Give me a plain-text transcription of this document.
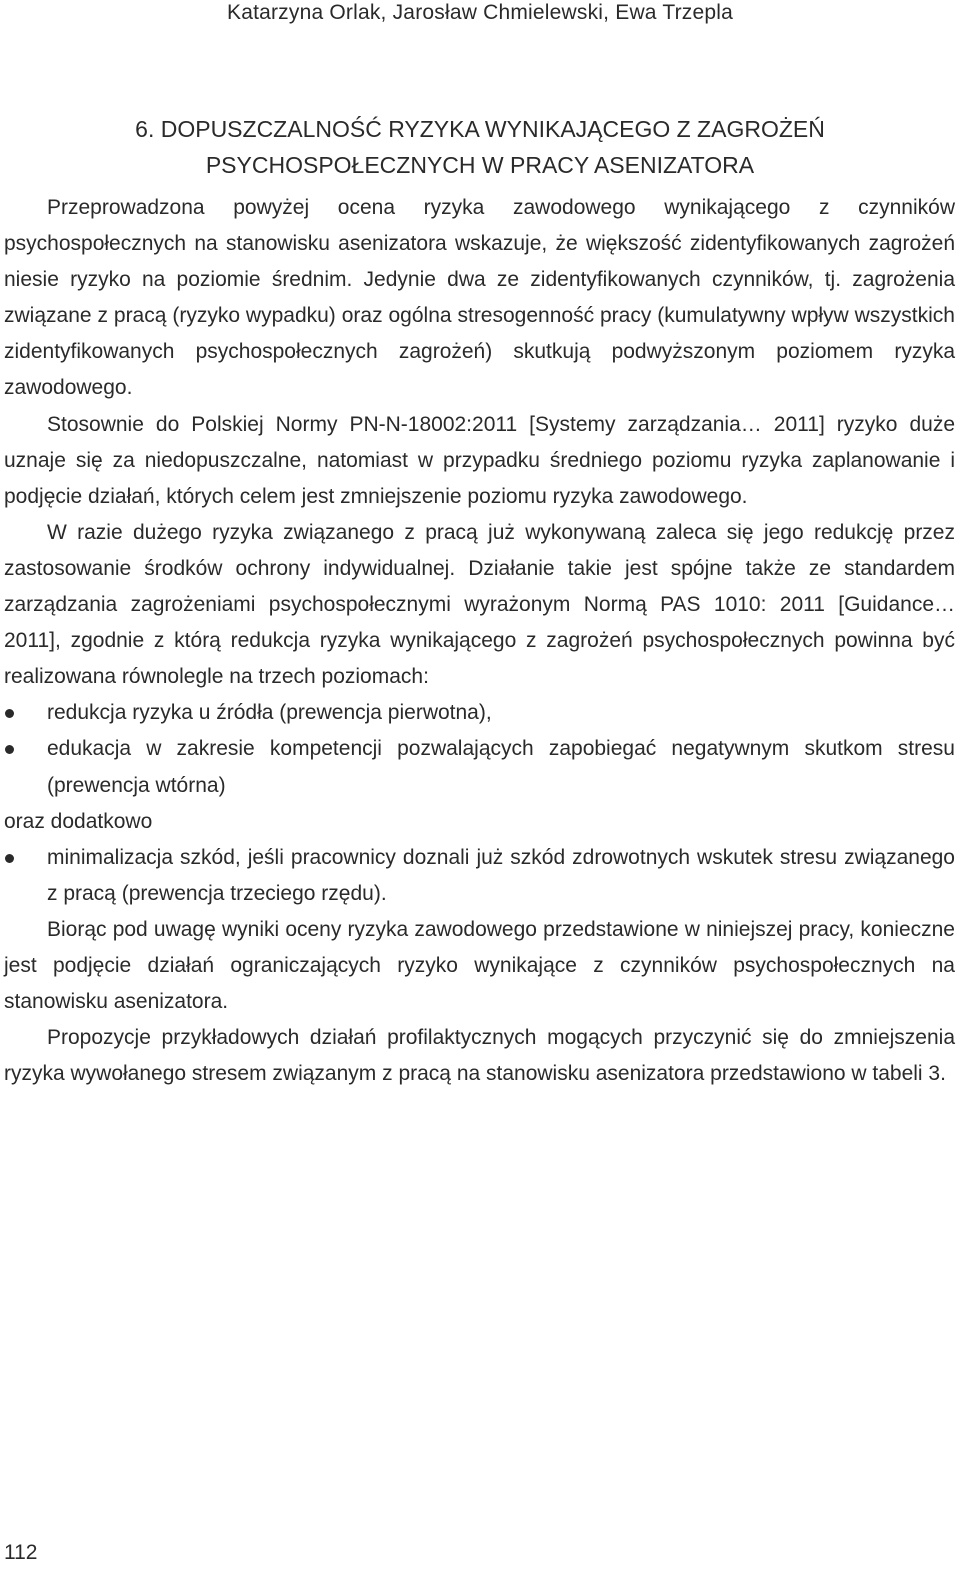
Katarzyna Orlak, Jarosław Chmielewski, Ewa Trzepla
6. DOPUSZCZALNOŚĆ RYZYKA WYNIKAJĄCEGO Z ZAGROŻEŃ
PSYCHOSPOŁECZNYCH W PRACY ASENIZATORA

Przeprowadzona powyżej ocena ryzyka zawodowego wynikającego z czynników psychospołecznych na stanowisku asenizatora wskazuje, że większość zidentyfikowanych zagrożeń niesie ryzyko na poziomie średnim. Jedynie dwa ze zidentyfikowanych czynników, tj. zagrożenia związane z pracą (ryzyko wypadku) oraz ogólna stresogenność pracy (kumulatywny wpływ wszystkich zidentyfikowanych psychospołecznych zagrożeń) skutkują podwyższonym poziomem ryzyka zawodowego.

Stosownie do Polskiej Normy PN-N-18002:2011 [Systemy zarządzania… 2011] ryzyko duże uznaje się za niedopuszczalne, natomiast w przypadku średniego poziomu ryzyka zaplanowanie i podjęcie działań, których celem jest zmniejszenie poziomu ryzyka zawodowego.

W razie dużego ryzyka związanego z pracą już wykonywaną zaleca się jego redukcję przez zastosowanie środków ochrony indywidualnej. Działanie takie jest spójne także ze standardem zarządzania zagrożeniami psychospołecznymi wyrażonym Normą PAS 1010: 2011 [Guidance… 2011], zgodnie z którą redukcja ryzyka wynikającego z zagrożeń psychospołecznych powinna być realizowana równolegle na trzech poziomach:

redukcja ryzyka u źródła (prewencja pierwotna),
edukacja w zakresie kompetencji pozwalających zapobiegać negatywnym skutkom stresu (prewencja wtórna)

oraz dodatkowo

minimalizacja szkód, jeśli pracownicy doznali już szkód zdrowotnych wskutek stresu związanego z pracą (prewencja trzeciego rzędu).

Biorąc pod uwagę wyniki oceny ryzyka zawodowego przedstawione w niniejszej pracy, konieczne jest podjęcie działań ograniczających ryzyko wynikające z czynników psychospołecznych na stanowisku asenizatora.

Propozycje przykładowych działań profilaktycznych mogących przyczynić się do zmniejszenia ryzyka wywołanego stresem związanym z pracą na stanowisku asenizatora przedstawiono w tabeli 3.

112
